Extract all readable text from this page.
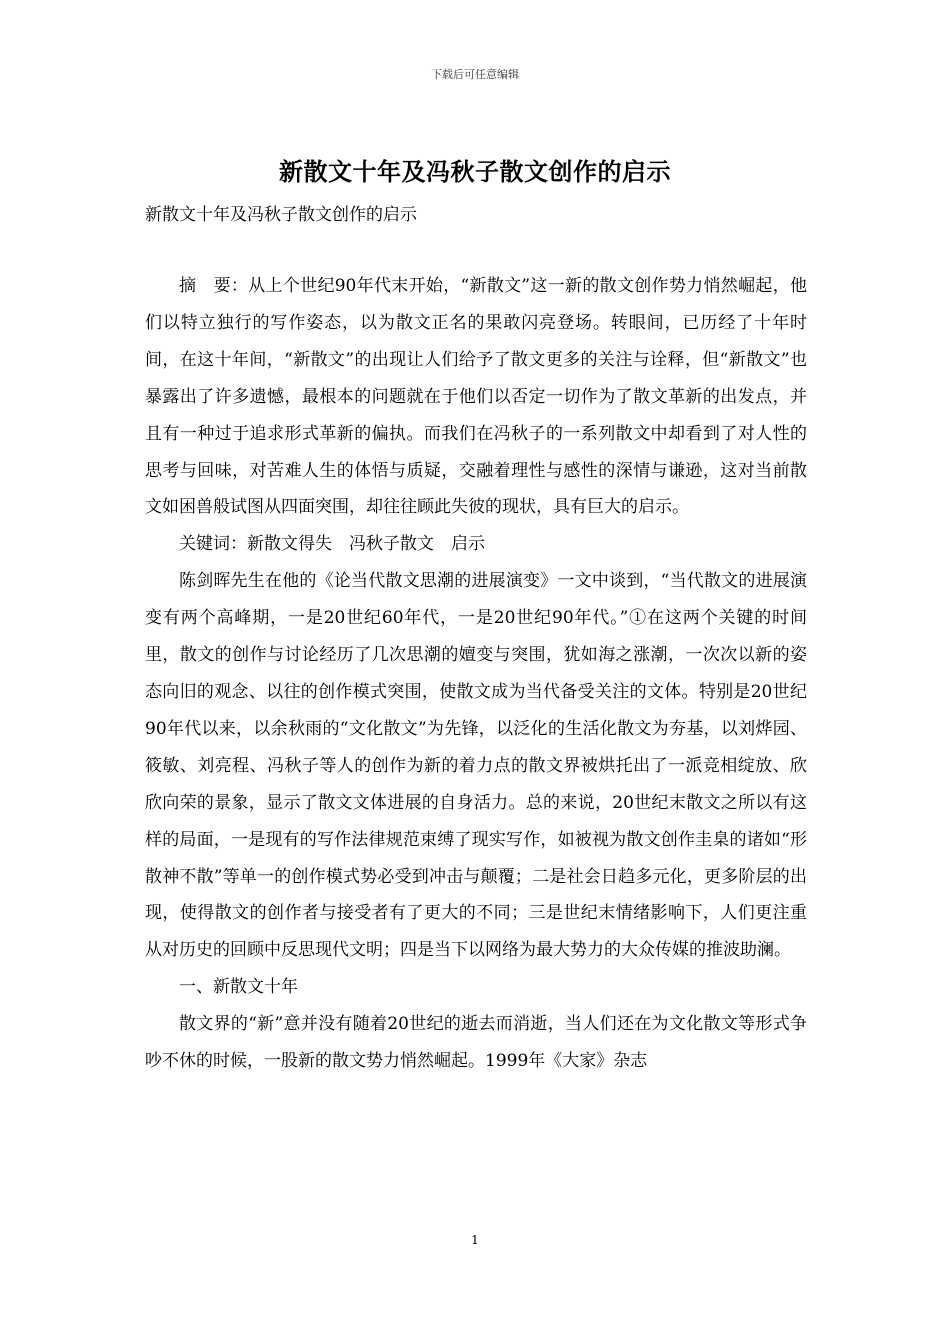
下载后可任意编辑
新散文十年及冯秋子散文创作的启示
新散文十年及冯秋子散文创作的启示

摘　要：从上个世纪90年代末开始，“新散文”这一新的散文创作势力悄然崛起，他们以特立独行的写作姿态，以为散文正名的果敢闪亮登场。转眼间，已历经了十年时间，在这十年间，“新散文”的出现让人们给予了散文更多的关注与诠释，但“新散文”也暴露出了许多遗憾，最根本的问题就在于他们以否定一切作为了散文革新的出发点，并且有一种过于追求形式革新的偏执。而我们在冯秋子的一系列散文中却看到了对人性的思考与回味，对苦难人生的体悟与质疑，交融着理性与感性的深情与谦逊，这对当前散文如困兽般试图从四面突围，却往往顾此失彼的现状，具有巨大的启示。

关键词：新散文得失　冯秋子散文　启示

陈剑晖先生在他的《论当代散文思潮的进展演变》一文中谈到，“当代散文的进展演变有两个高峰期，一是20世纪60年代，一是20世纪90年代。”①在这两个关键的时间里，散文的创作与讨论经历了几次思潮的嬗变与突围，犹如海之涨潮，一次次以新的姿态向旧的观念、以往的创作模式突围，使散文成为当代备受关注的文体。特别是20世纪90年代以来，以余秋雨的“文化散文”为先锋，以泛化的生活化散文为夯基，以刘烨园、筱敏、刘亮程、冯秋子等人的创作为新的着力点的散文界被烘托出了一派竞相绽放、欣欣向荣的景象，显示了散文文体进展的自身活力。总的来说，20世纪末散文之所以有这样的局面，一是现有的写作法律规范束缚了现实写作，如被视为散文创作圭臬的诸如“形散神不散”等单一的创作模式势必受到冲击与颠覆；二是社会日趋多元化，更多阶层的出现，使得散文的创作者与接受者有了更大的不同；三是世纪末情绪影响下，人们更注重从对历史的回顾中反思现代文明；四是当下以网络为最大势力的大众传媒的推波助澜。

一、新散文十年

散文界的“新”意并没有随着20世纪的逝去而消逝，当人们还在为文化散文等形式争吵不休的时候，一股新的散文势力悄然崛起。1999年《大家》杂志

1
